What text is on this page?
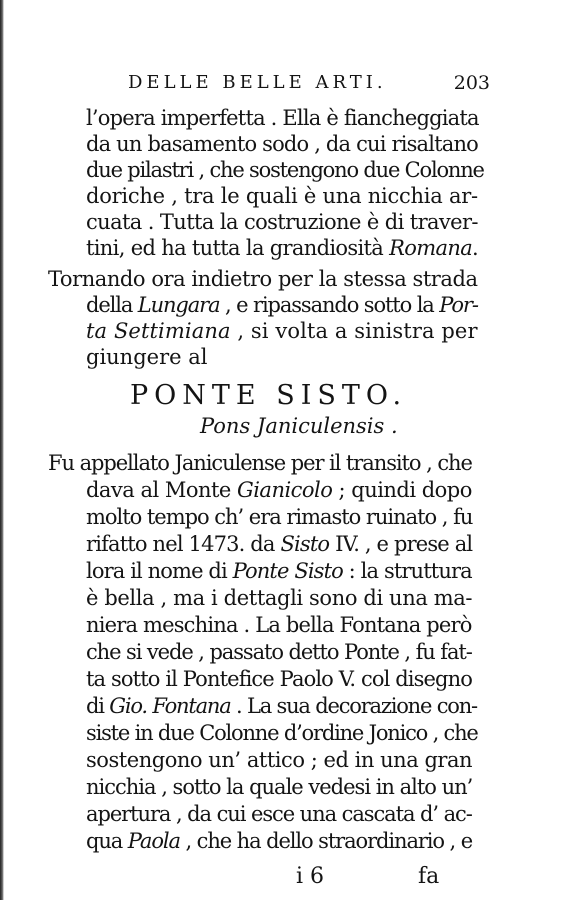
DELLE BELLE ARTI.	203
l’opera imperfetta . Ella è fiancheggiata
da un basamento sodo , da cui risaltano
due pilastri , che sostengono due Colonne
doriche , tra le quali è una nicchia ar-
cuata . Tutta la costruzione è di traver-
tini, ed ha tutta la grandiosità Romana.
Tornando ora indietro per la stessa strada
della Lungara , e ripassando sotto la Por-
ta Settimiana , si volta a sinistra per
giungere al
PONTE SISTO.
Pons Janiculensis .
Fu appellato Janiculense per il transito , che
dava al Monte Gianicolo ; quindi dopo
molto tempo ch’ era rimasto ruinato , fu
rifatto nel 1473. da Sisto IV. , e prese al
lora il nome di Ponte Sisto : la struttura
è bella , ma i dettagli sono di una ma-
niera meschina . La bella Fontana però
che si vede , passato detto Ponte , fu fat-
ta sotto il Pontefice Paolo V. col disegno
di Gio. Fontana . La sua decorazione con-
siste in due Colonne d’ordine Jonico , che
sostengono un’ attico ; ed in una gran
nicchia , sotto la quale vedesi in alto un’
apertura , da cui esce una cascata d’ ac-
qua Paola , che ha dello straordinario , e
i 6	fa
